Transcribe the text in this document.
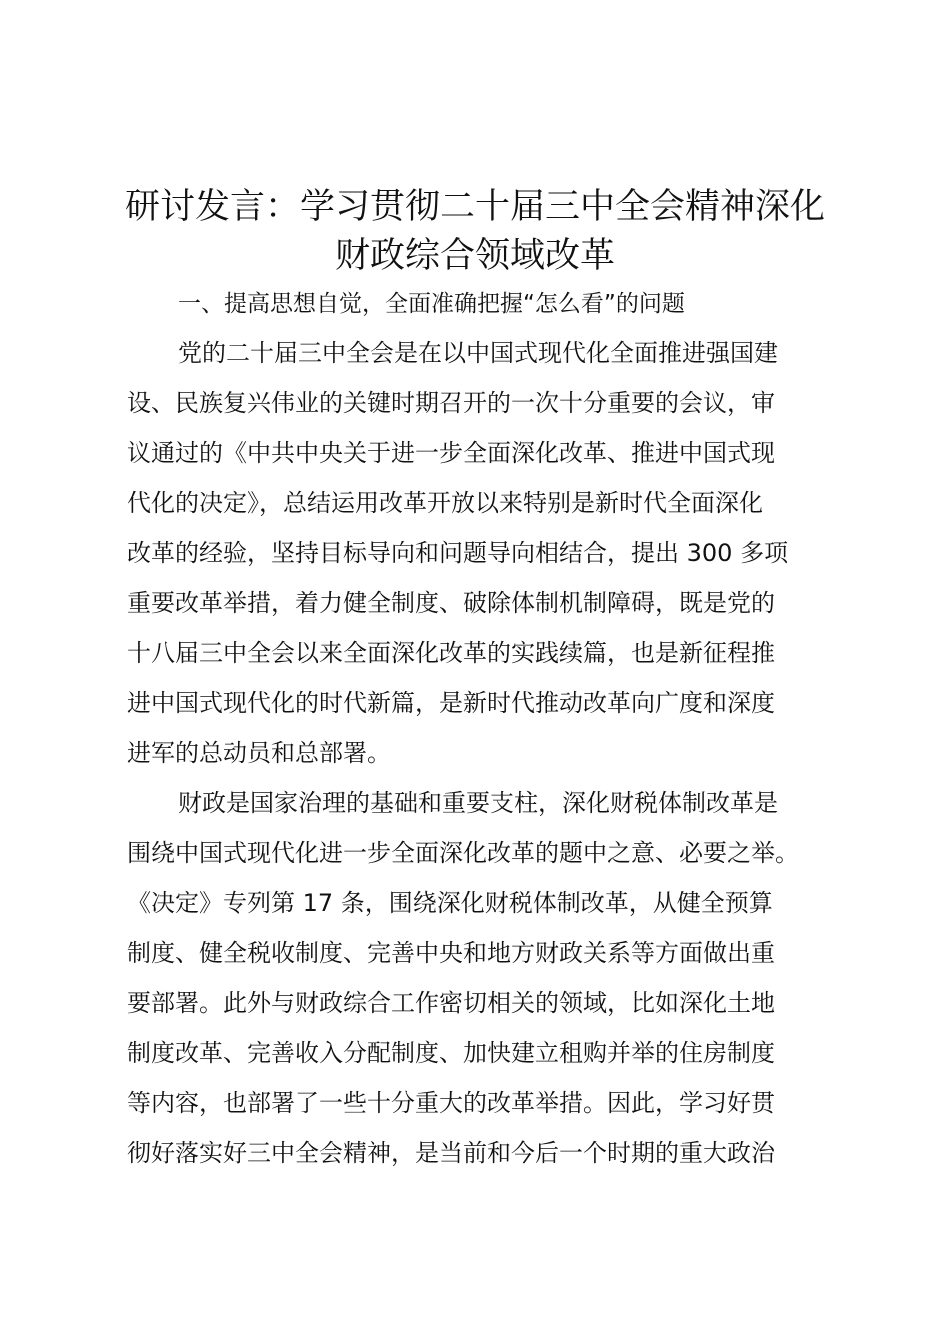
研讨发言：学习贯彻二十届三中全会精神深化
财政综合领域改革
一、提高思想自觉，全面准确把握“怎么看”的问题
党的二十届三中全会是在以中国式现代化全面推进强国建
设、民族复兴伟业的关键时期召开的一次十分重要的会议，审
议通过的《中共中央关于进一步全面深化改革、推进中国式现
代化的决定》，总结运用改革开放以来特别是新时代全面深化
改革的经验，坚持目标导向和问题导向相结合，提出 300 多项
重要改革举措，着力健全制度、破除体制机制障碍，既是党的
十八届三中全会以来全面深化改革的实践续篇，也是新征程推
进中国式现代化的时代新篇，是新时代推动改革向广度和深度
进军的总动员和总部署。
财政是国家治理的基础和重要支柱，深化财税体制改革是
围绕中国式现代化进一步全面深化改革的题中之意、必要之举。
《决定》专列第 17 条，围绕深化财税体制改革，从健全预算
制度、健全税收制度、完善中央和地方财政关系等方面做出重
要部署。此外与财政综合工作密切相关的领域，比如深化土地
制度改革、完善收入分配制度、加快建立租购并举的住房制度
等内容，也部署了一些十分重大的改革举措。因此，学习好贯
彻好落实好三中全会精神，是当前和今后一个时期的重大政治
